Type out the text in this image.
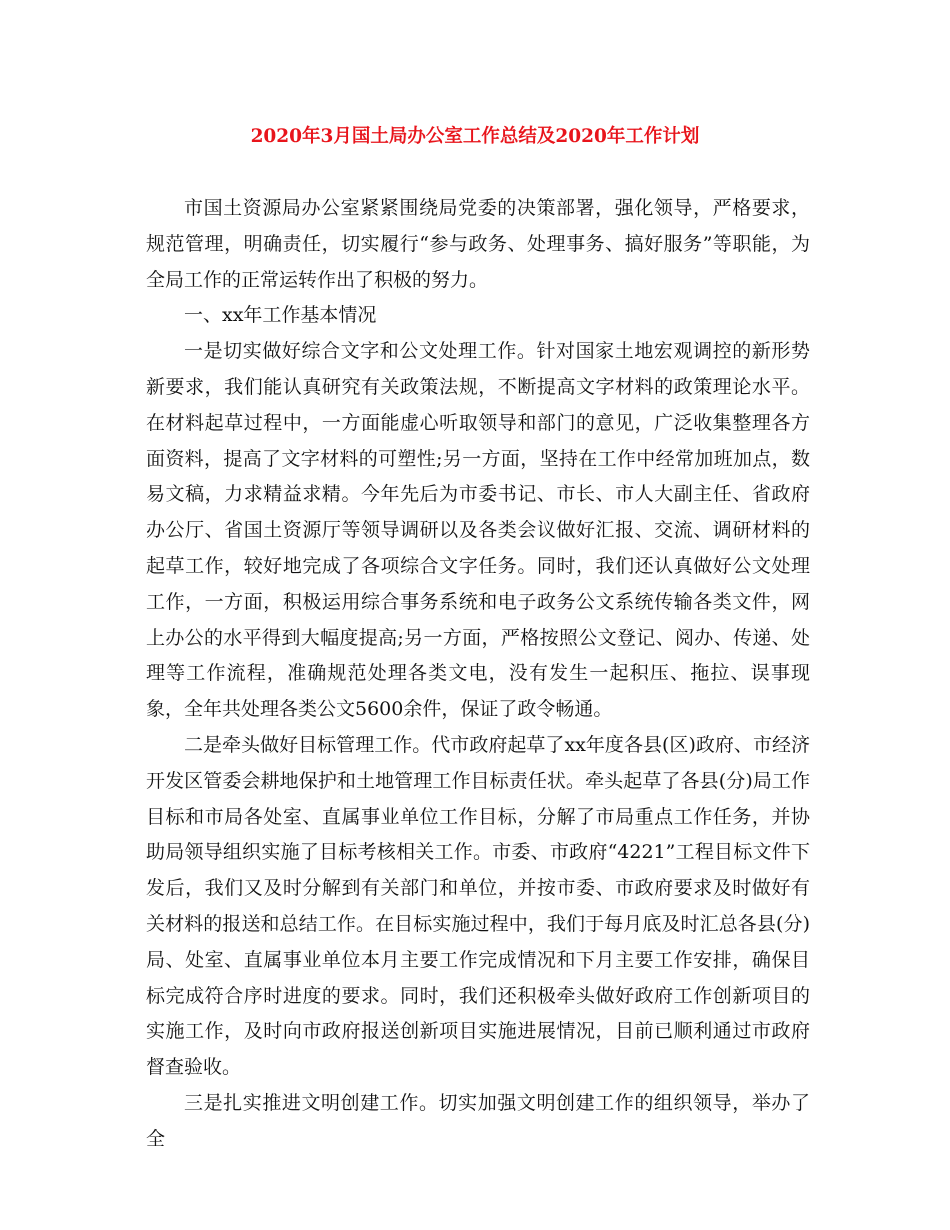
2020年3月国土局办公室工作总结及2020年工作计划

市国土资源局办公室紧紧围绕局党委的决策部署，强化领导，严格要求，规范管理，明确责任，切实履行“参与政务、处理事务、搞好服务”等职能，为全局工作的正常运转作出了积极的努力。

一、xx年工作基本情况

一是切实做好综合文字和公文处理工作。针对国家土地宏观调控的新形势新要求，我们能认真研究有关政策法规，不断提高文字材料的政策理论水平。在材料起草过程中，一方面能虚心听取领导和部门的意见，广泛收集整理各方面资料，提高了文字材料的可塑性;另一方面，坚持在工作中经常加班加点，数易文稿，力求精益求精。今年先后为市委书记、市长、市人大副主任、省政府办公厅、省国土资源厅等领导调研以及各类会议做好汇报、交流、调研材料的起草工作，较好地完成了各项综合文字任务。同时，我们还认真做好公文处理工作，一方面，积极运用综合事务系统和电子政务公文系统传输各类文件，网上办公的水平得到大幅度提高;另一方面，严格按照公文登记、阅办、传递、处理等工作流程，准确规范处理各类文电，没有发生一起积压、拖拉、误事现象，全年共处理各类公文5600余件，保证了政令畅通。

二是牵头做好目标管理工作。代市政府起草了xx年度各县(区)政府、市经济开发区管委会耕地保护和土地管理工作目标责任状。牵头起草了各县(分)局工作目标和市局各处室、直属事业单位工作目标，分解了市局重点工作任务，并协助局领导组织实施了目标考核相关工作。市委、市政府“4221”工程目标文件下发后，我们又及时分解到有关部门和单位，并按市委、市政府要求及时做好有关材料的报送和总结工作。在目标实施过程中，我们于每月底及时汇总各县(分)局、处室、直属事业单位本月主要工作完成情况和下月主要工作安排，确保目标完成符合序时进度的要求。同时，我们还积极牵头做好政府工作创新项目的实施工作，及时向市政府报送创新项目实施进展情况，目前已顺利通过市政府督查验收。

三是扎实推进文明创建工作。切实加强文明创建工作的组织领导，举办了全
